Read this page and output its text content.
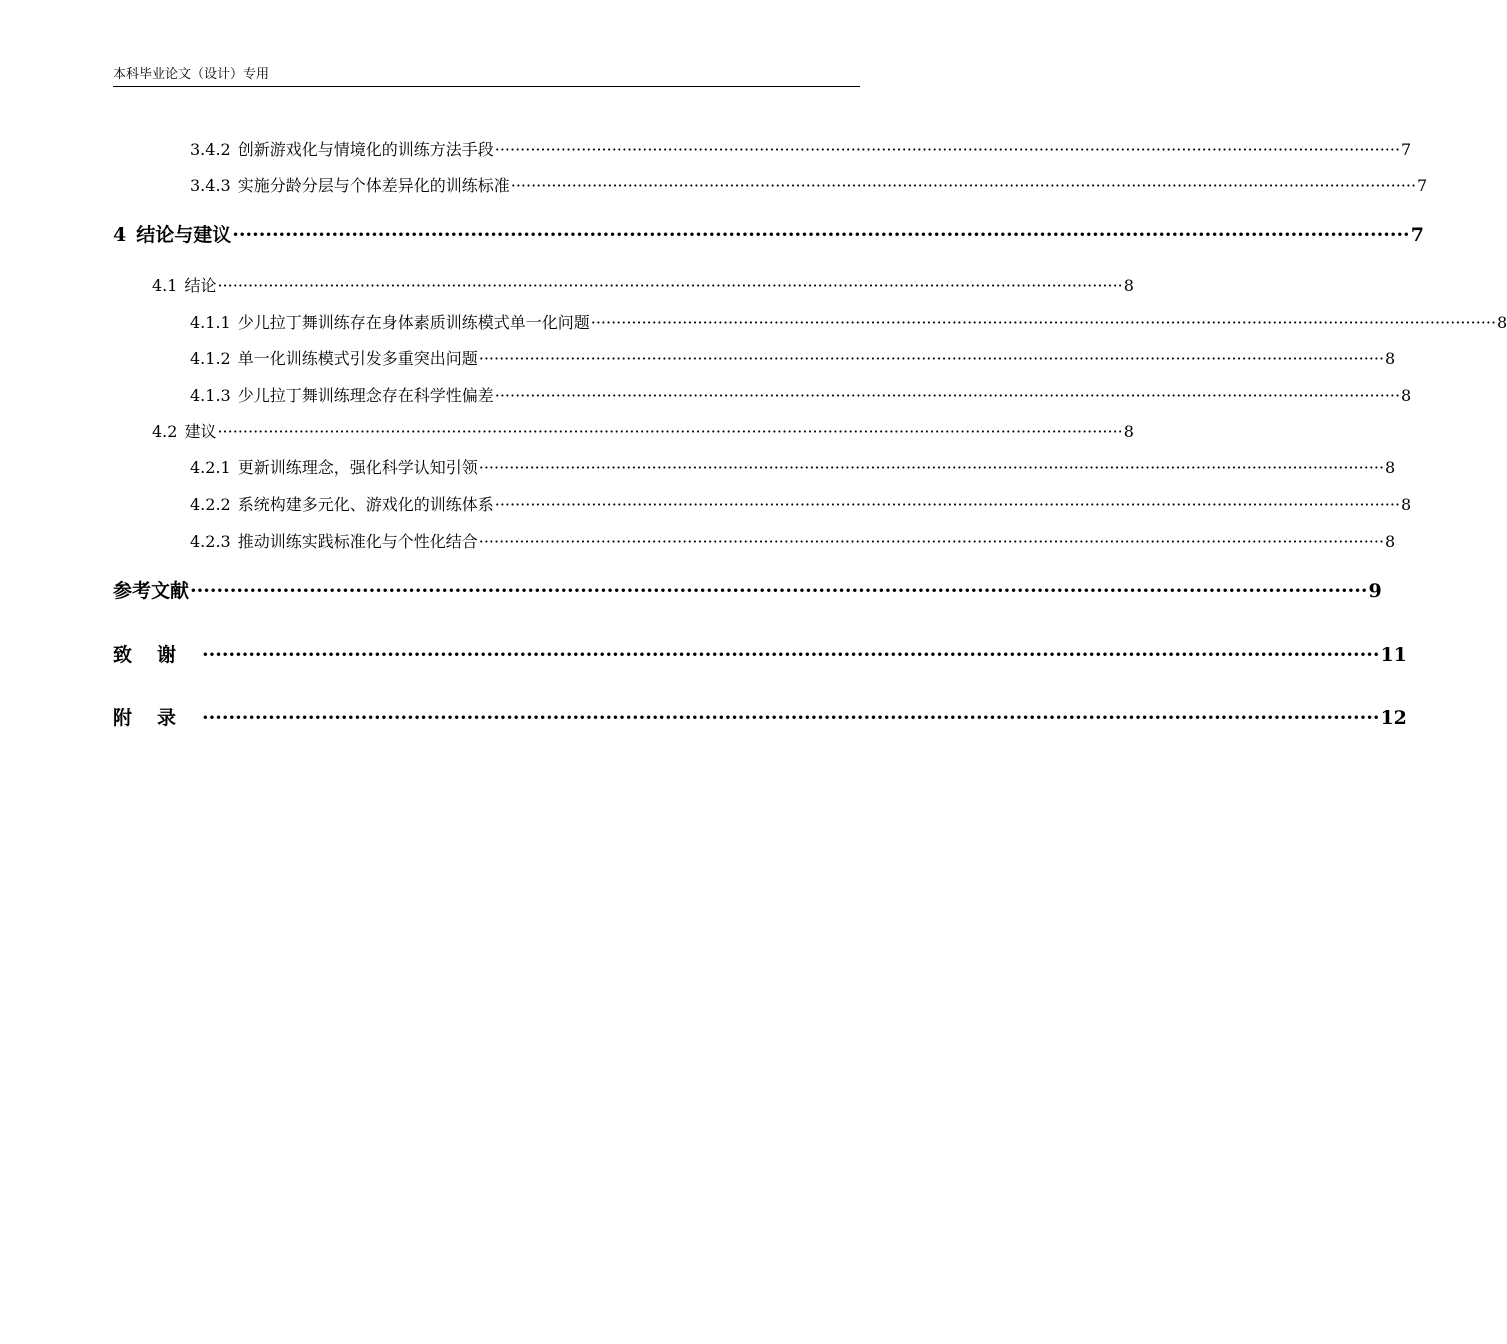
本科毕业论文（设计）专用
3.4.2 创新游戏化与情境化的训练方法手段 ·················································································································································································· 7
3.4.3 实施分龄分层与个体差异化的训练标准 ·················································································································································································· 7
4 结论与建议 ·················································································································································································· 7
4.1 结论 ·················································································································································································· 8
4.1.1 少儿拉丁舞训练存在身体素质训练模式单一化问题 ·················································································································································································· 8
4.1.2 单一化训练模式引发多重突出问题 ·················································································································································································· 8
4.1.3 少儿拉丁舞训练理念存在科学性偏差 ·················································································································································································· 8
4.2 建议 ·················································································································································································· 8
4.2.1 更新训练理念，强化科学认知引领 ·················································································································································································· 8
4.2.2 系统构建多元化、游戏化的训练体系 ·················································································································································································· 8
4.2.3 推动训练实践标准化与个性化结合 ·················································································································································································· 8
参考文献 ·················································································································································································· 9
致谢 ·················································································································································································· 11
附录 ·················································································································································································· 12
